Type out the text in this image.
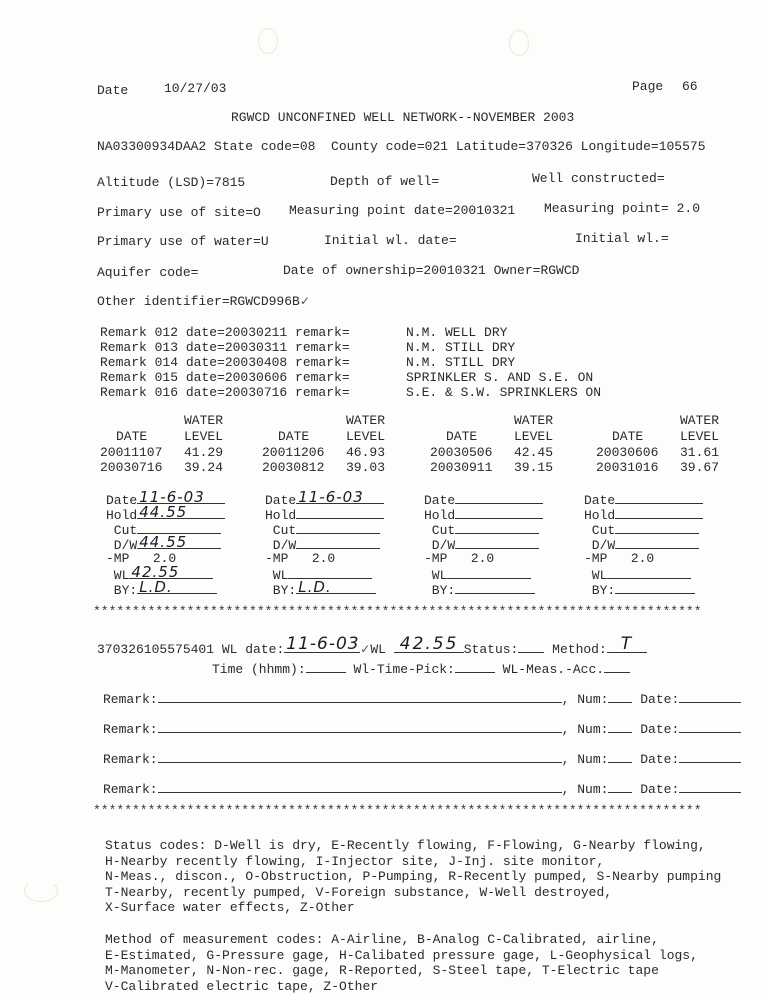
Date	10/27/03	Page 66
RGWCD UNCONFINED WELL NETWORK--NOVEMBER 2003
NA03300934DAA2 State code=08  County code=021 Latitude=370326 Longitude=105575
Altitude (LSD)=7815	Depth of well=	Well constructed=
Primary use of site=O Measuring point date=20010321 Measuring point= 2.0
Primary use of water=U	Initial wl. date=	Initial wl.=
Aquifer code=	Date of ownership=20010321 Owner=RGWCD
Other identifier=RGWCD996B✓
Remark 012 date=20030211 remark=	N.M. WELL DRY
Remark 013 date=20030311 remark=	N.M. STILL DRY
Remark 014 date=20030408 remark=	N.M. STILL DRY
Remark 015 date=20030606 remark=	SPRINKLER S. AND S.E. ON
Remark 016 date=20030716 remark=	S.E. & S.W. SPRINKLERS ON
WATER
DATE	LEVEL
20011107 41.29
20030716 39.24
WATER
DATE	LEVEL
20011206 46.93
20030812 39.03
WATER
DATE	LEVEL
20030506 42.45
20030911 39.15
WATER
DATE	LEVEL
20030606 31.61
20031016 39.67
Date 11-6-03
Hold 44.55
Cut
D/W 44.55
-MP 2.0
WL 42.55
BY: L.D.
Date 11-6-03
Hold
Cut
D/W
-MP 2.0
WL
BY: L.D.
Date
Hold
Cut
D/W
-MP 2.0
WL
BY:
Date
Hold
Cut
D/W
-MP 2.0
WL
BY:
******************************************************************************
370326105575401 WL date: 11-6-03 ✓WL 42.55 Status:	Method: T
Time (hhmm):	Wl-Time-Pick:	WL-Meas.-Acc.
Remark:	, Num: Date:
Remark:	, Num: Date:
Remark:	, Num: Date:
Remark:	, Num: Date:
******************************************************************************
Status codes: D-Well is dry, E-Recently flowing, F-Flowing, G-Nearby flowing,
H-Nearby recently flowing, I-Injector site, J-Inj. site monitor,
N-Meas., discon., O-Obstruction, P-Pumping, R-Recently pumped, S-Nearby pumping
T-Nearby, recently pumped, V-Foreign substance, W-Well destroyed,
X-Surface water effects, Z-Other
Method of measurement codes: A-Airline, B-Analog C-Calibrated, airline,
E-Estimated, G-Pressure gage, H-Calibated pressure gage, L-Geophysical logs,
M-Manometer, N-Non-rec. gage, R-Reported, S-Steel tape, T-Electric tape
V-Calibrated electric tape, Z-Other
